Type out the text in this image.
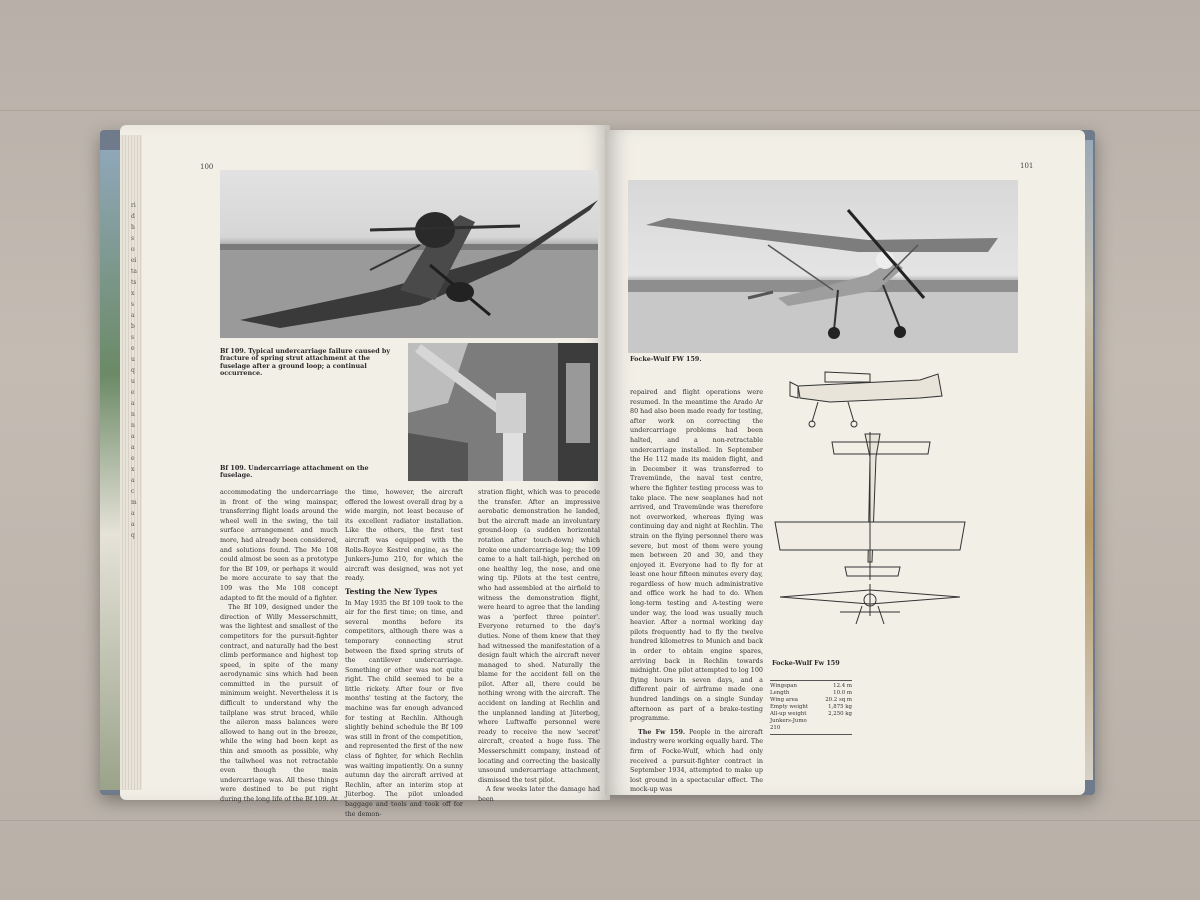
ridhsoeitatsxsabseuqueannaaexacmaaq
100
Bf 109. Typical undercarriage failure caused by fracture of spring strut attachment at the fuselage after a ground loop; a continual occurrence.
Bf 109. Undercarriage attachment on the fuselage.

accommodating the undercarriage in front of the wing mainspar, transferring flight loads around the wheel well in the swing, the tail surface arrangement and much more, had already been considered, and solutions found. The Me 108 could almost be seen as a prototype for the Bf 109, or perhaps it would be more accurate to say that the 109 was the Me 108 concept adapted to fit the mould of a fighter.

The Bf 109, designed under the direction of Willy Messerschmitt, was the lightest and smallest of the competitors for the pursuit-fighter contract, and naturally had the best climb performance and highest top speed, in spite of the many aerodynamic sins which had been committed in the pursuit of minimum weight. Nevertheless it is difficult to understand why the tailplane was strut braced, while the aileron mass balances were allowed to hang out in the breeze, while the wing had been kept as thin and smooth as possible, why the tailwheel was not retractable even though the main undercarriage was. All these things were destined to be put right during the long life of the Bf 109. At

the time, however, the aircraft offered the lowest overall drag by a wide margin, not least because of its excellent radiator installation. Like the others, the first test aircraft was equipped with the Rolls-Royce Kestrel engine, as the Junkers-Jumo 210, for which the aircraft was designed, was not yet ready.

Testing the New Types

In May 1935 the Bf 109 took to the air for the first time; on time, and several months before its competitors, although there was a temporary connecting strut between the fixed spring struts of the cantilever undercarriage. Something or other was not quite right. The child seemed to be a little rickety. After four or five months' testing at the factory, the machine was far enough advanced for testing at Rechlin. Although slightly behind schedule the Bf 109 was still in front of the competition, and represented the first of the new class of fighter, for which Rechlin was waiting impatiently. On a sunny autumn day the aircraft arrived at Rechlin, after an interim stop at Jüterbog. The pilot unloaded baggage and tools and took off for the demon-

stration flight, which was to precede the transfer. After an impressive aerobatic demonstration he landed, but the aircraft made an involuntary ground-loop (a sudden horizontal rotation after touch-down) which broke one undercarriage leg; the 109 came to a halt tail-high, perched on one healthy leg, the nose, and one wing tip. Pilots at the test centre, who had assembled at the airfield to witness the demonstration flight, were heard to agree that the landing was a 'perfect three pointer'. Everyone returned to the day's duties. None of them knew that they had witnessed the manifestation of a design fault which the aircraft never managed to shed. Naturally the blame for the accident fell on the pilot. After all, there could be nothing wrong with the aircraft. The accident on landing at Rechlin and the unplanned landing at Jüterbog, where Luftwaffe personnel were ready to receive the new 'secret' aircraft, created a huge fuss. The Messerschmitt company, instead of locating and correcting the basically unsound undercarriage attachment, dismissed the test pilot.

A few weeks later the damage had been

101
Focke-Wulf FW 159.
Focke-Wulf Fw 159
Wingspan	12.4 m
Length	10.0 m
Wing area	20.2 sq m
Empty weight	1,875 kg
All-up weight	2,250 kg
Junkers-Jumo
210

repaired and flight operations were resumed. In the meantime the Arado Ar 80 had also been made ready for testing, after work on correcting the undercarriage problems had been halted, and a non-retractable undercarriage installed. In September the He 112 made its maiden flight, and in December it was transferred to Travemünde, the naval test centre, where the fighter testing process was to take place. The new seaplanes had not arrived, and Travemünde was therefore not overworked, whereas flying was continuing day and night at Rechlin. The strain on the flying personnel there was severe, but most of them were young men between 20 and 30, and they enjoyed it. Everyone had to fly for at least one hour fifteen minutes every day, regardless of how much administrative and office work he had to do. When long-term testing and A-testing were under way, the load was usually much heavier. After a normal working day pilots frequently had to fly the twelve hundred kilometres to Munich and back in order to obtain engine spares, arriving back in Rechlin towards midnight. One pilot attempted to log 100 flying hours in seven days, and a different pair of airframe made one hundred landings on a single Sunday afternoon as part of a brake-testing programme.

The Fw 159. People in the aircraft industry were working equally hard. The firm of Focke-Wulf, which had only received a pursuit-fighter contract in September 1934, attempted to make up lost ground in a spectacular effect. The mock-up was
